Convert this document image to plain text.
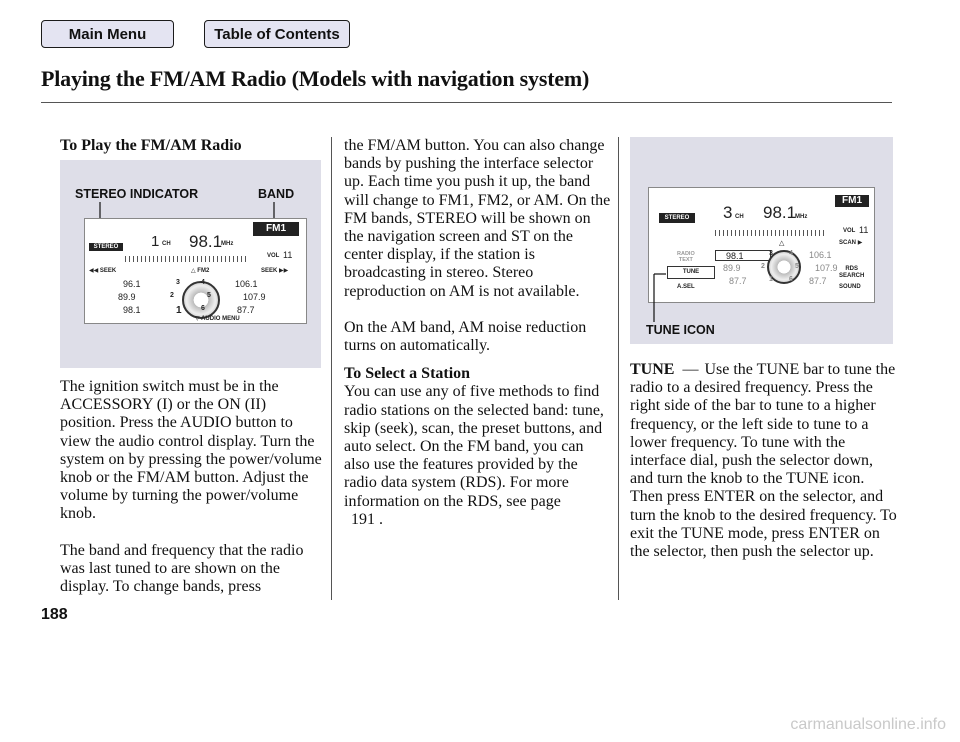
Main Menu	Table of Contents
Playing the FM/AM Radio (Models with navigation system)
To Play the FM/AM Radio
STEREO INDICATOR	BAND
FM1
STEREO	1 CH 98.1
MHz
VOL 11
◀◀ SEEK	△ FM2	SEEK ▶▶
96.1
89.9
98.1
106.1
107.9
87.7
3	4
2	5
1	6
▽ AUDIO MENU

The ignition switch must be in the ACCESSORY (I) or the ON (II) position. Press the AUDIO button to view the audio control display. Turn the system on by pressing the power/volume knob or the FM/AM button. Adjust the volume by turning the power/volume knob.

The band and frequency that the radio was last tuned to are shown on the display. To change bands, press

the FM/AM button. You can also change bands by pushing the interface selector up. Each time you push it up, the band will change to FM1, FM2, or AM. On the FM bands, STEREO will be shown on the navigation screen and ST on the center display, if the station is broadcasting in stereo. Stereo reproduction on AM is not available.

On the AM band, AM noise reduction turns on automatically.

To Select a Station

You can use any of five methods to find radio stations on the selected band: tune, skip (seek), scan, the preset buttons, and auto select. On the FM band, you can also use the features provided by the radio data system (RDS). For more information on the RDS, see page

191 .

FM1
STEREO	3 CH 98.1
MHz
VOL 11
SCAN ▶
△
RADIO
TEXT
TUNE
A.SEL
RDS
SEARCH
SOUND
98.1
89.9
87.7
106.1
107.9
87.7
3 4
2	5
1 6
TUNE ICON

TUNE — Use the TUNE bar to tune the radio to a desired frequency. Press the right side of the bar to tune to a higher frequency, or the left side to tune to a lower frequency. To tune with the interface dial, push the selector down, and turn the knob to the TUNE icon. Then press ENTER on the selector, and turn the knob to the desired frequency. To exit the TUNE mode, press ENTER on the selector, then push the selector up.

188
carmanualsonline.info
